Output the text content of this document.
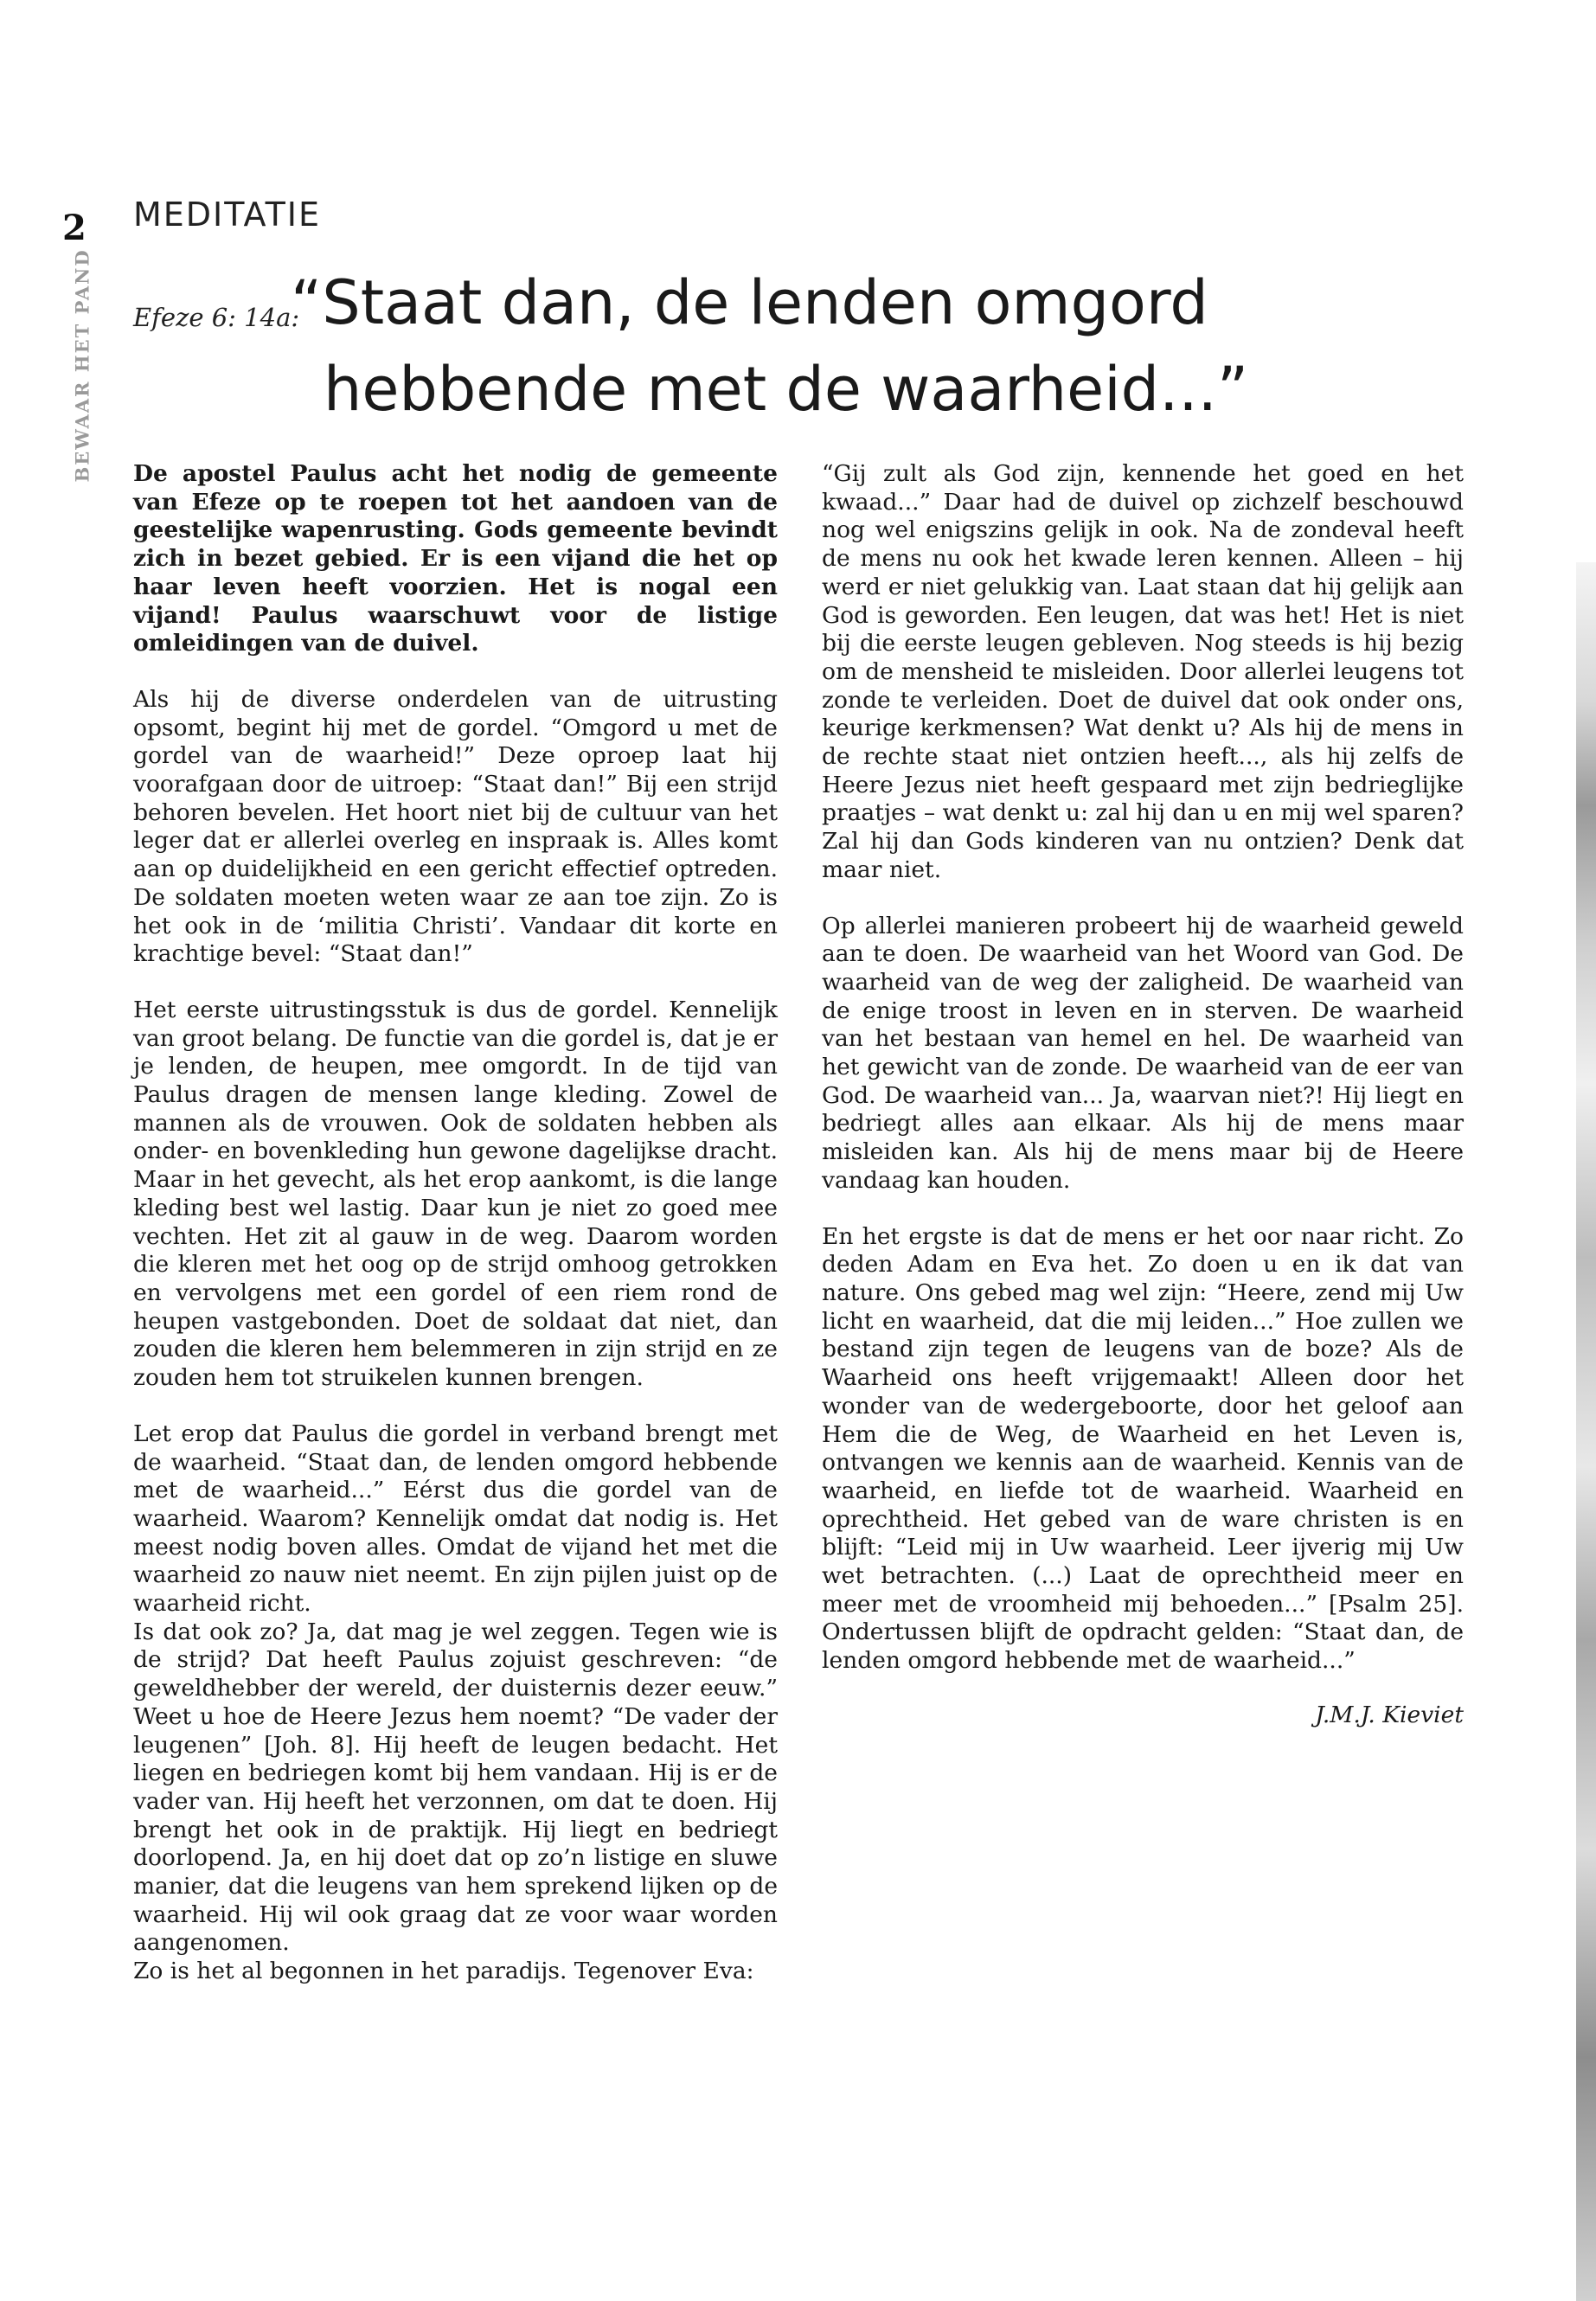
2
BEWAAR HET PAND
MEDITATIE
Efeze 6: 14a:
“Staat dan, de lenden omgord
hebbende met de waarheid...”

De apostel Paulus acht het nodig de gemeente van Efeze op te roepen tot het aandoen van de geestelijke wapenrusting. Gods gemeente bevindt zich in bezet gebied. Er is een vijand die het op haar leven heeft voorzien. Het is nogal een vijand! Paulus waarschuwt voor de listige omleidingen van de duivel.

Als hij de diverse onderdelen van de uitrusting opsomt, begint hij met de gordel. “Omgord u met de gordel van de waarheid!” Deze oproep laat hij voorafgaan door de uitroep: “Staat dan!” Bij een strijd behoren bevelen. Het hoort niet bij de cultuur van het leger dat er allerlei overleg en inspraak is. Alles komt aan op duidelijkheid en een gericht effectief optreden. De soldaten moeten weten waar ze aan toe zijn. Zo is het ook in de ‘militia Christi’. Vandaar dit korte en krachtige bevel: “Staat dan!”

Het eerste uitrustingsstuk is dus de gordel. Kennelijk van groot belang. De functie van die gordel is, dat je er je lenden, de heupen, mee omgordt. In de tijd van Paulus dragen de mensen lange kleding. Zowel de mannen als de vrouwen. Ook de soldaten hebben als onder- en bovenkleding hun gewone dagelijkse dracht. Maar in het gevecht, als het erop aankomt, is die lange kleding best wel lastig. Daar kun je niet zo goed mee vechten. Het zit al gauw in de weg. Daarom worden die kleren met het oog op de strijd omhoog getrokken en vervolgens met een gordel of een riem rond de heupen vastgebonden. Doet de soldaat dat niet, dan zouden die kleren hem belemmeren in zijn strijd en ze zouden hem tot struikelen kunnen brengen.

Let erop dat Paulus die gordel in verband brengt met de waarheid. “Staat dan, de lenden omgord hebbende met de waarheid...” Eérst dus die gordel van de waarheid. Waarom? Kennelijk omdat dat nodig is. Het meest nodig boven alles. Omdat de vijand het met die waarheid zo nauw niet neemt. En zijn pijlen juist op de waarheid richt.

Is dat ook zo? Ja, dat mag je wel zeggen. Tegen wie is de strijd? Dat heeft Paulus zojuist geschreven: “de geweldhebber der wereld, der duisternis dezer eeuw.” Weet u hoe de Heere Jezus hem noemt? “De vader der leugenen” [Joh. 8]. Hij heeft de leugen bedacht. Het liegen en bedriegen komt bij hem vandaan. Hij is er de vader van. Hij heeft het verzonnen, om dat te doen. Hij brengt het ook in de praktijk. Hij liegt en bedriegt doorlopend. Ja, en hij doet dat op zo’n listige en sluwe manier, dat die leugens van hem sprekend lijken op de waarheid. Hij wil ook graag dat ze voor waar worden aangenomen.

Zo is het al begonnen in het paradijs. Tegenover Eva:

“Gij zult als God zijn, kennende het goed en het kwaad...” Daar had de duivel op zichzelf beschouwd nog wel enigszins gelijk in ook. Na de zondeval heeft de mens nu ook het kwade leren kennen. Alleen – hij werd er niet gelukkig van. Laat staan dat hij gelijk aan God is geworden. Een leugen, dat was het! Het is niet bij die eerste leugen gebleven. Nog steeds is hij bezig om de mensheid te misleiden. Door allerlei leugens tot zonde te verleiden. Doet de duivel dat ook onder ons, keurige kerkmensen? Wat denkt u? Als hij de mens in de rechte staat niet ontzien heeft..., als hij zelfs de Heere Jezus niet heeft gespaard met zijn bedrieglijke praatjes – wat denkt u: zal hij dan u en mij wel sparen? Zal hij dan Gods kinderen van nu ontzien? Denk dat maar niet.

Op allerlei manieren probeert hij de waarheid geweld aan te doen. De waarheid van het Woord van God. De waarheid van de weg der zaligheid. De waarheid van de enige troost in leven en in sterven. De waarheid van het bestaan van hemel en hel. De waarheid van het gewicht van de zonde. De waarheid van de eer van God. De waarheid van... Ja, waarvan niet?! Hij liegt en bedriegt alles aan elkaar. Als hij de mens maar misleiden kan. Als hij de mens maar bij de Heere vandaag kan houden.

En het ergste is dat de mens er het oor naar richt. Zo deden Adam en Eva het. Zo doen u en ik dat van nature. Ons gebed mag wel zijn: “Heere, zend mij Uw licht en waarheid, dat die mij leiden...” Hoe zullen we bestand zijn tegen de leugens van de boze? Als de Waarheid ons heeft vrijgemaakt! Alleen door het wonder van de wedergeboorte, door het geloof aan Hem die de Weg, de Waarheid en het Leven is, ontvangen we kennis aan de waarheid. Kennis van de waarheid, en liefde tot de waarheid. Waarheid en oprechtheid. Het gebed van de ware christen is en blijft: “Leid mij in Uw waarheid. Leer ijverig mij Uw wet betrachten. (...) Laat de oprechtheid meer en meer met de vroomheid mij behoeden...” [Psalm 25]. Ondertussen blijft de opdracht gelden: “Staat dan, de lenden omgord hebbende met de waarheid...”

J.M.J. Kieviet
